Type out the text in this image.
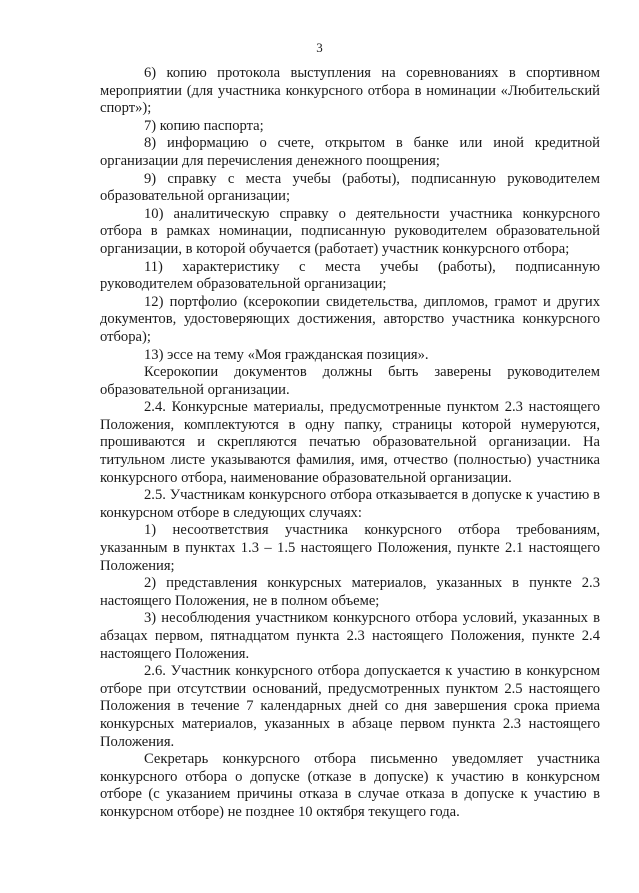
3

6) копию протокола выступления на соревнованиях в спортивном мероприятии (для участника конкурсного отбора в номинации «Любительский спорт»);

7) копию паспорта;

8) информацию о счете, открытом в банке или иной кредитной организации для перечисления денежного поощрения;

9) справку с места учебы (работы), подписанную руководителем образовательной организации;

10) аналитическую справку о деятельности участника конкурсного отбора в рамках номинации, подписанную руководителем образовательной организации, в которой обучается (работает) участник конкурсного отбора;

11) характеристику с места учебы (работы), подписанную руководителем образовательной организации;

12) портфолио (ксерокопии свидетельства, дипломов, грамот и других документов, удостоверяющих достижения, авторство участника конкурсного отбора);

13) эссе на тему «Моя гражданская позиция».

Ксерокопии документов должны быть заверены руководителем образовательной организации.

2.4. Конкурсные материалы, предусмотренные пунктом 2.3 настоящего Положения, комплектуются в одну папку, страницы которой нумеруются, прошиваются и скрепляются печатью образовательной организации. На титульном листе указываются фамилия, имя, отчество (полностью) участника конкурсного отбора, наименование образовательной организации.

2.5. Участникам конкурсного отбора отказывается в допуске к участию в конкурсном отборе в следующих случаях:

1) несоответствия участника конкурсного отбора требованиям, указанным в пунктах 1.3 – 1.5 настоящего Положения, пункте 2.1 настоящего Положения;

2) представления конкурсных материалов, указанных в пункте 2.3 настоящего Положения, не в полном объеме;

3) несоблюдения участником конкурсного отбора условий, указанных в абзацах первом, пятнадцатом пункта 2.3 настоящего Положения, пункте 2.4 настоящего Положения.

2.6. Участник конкурсного отбора допускается к участию в конкурсном отборе при отсутствии оснований, предусмотренных пунктом 2.5 настоящего Положения в течение 7 календарных дней со дня завершения срока приема конкурсных материалов, указанных в абзаце первом пункта 2.3 настоящего Положения.

Секретарь конкурсного отбора письменно уведомляет участника конкурсного отбора о допуске (отказе в допуске) к участию в конкурсном отборе (с указанием причины отказа в случае отказа в допуске к участию в конкурсном отборе) не позднее 10 октября текущего года.
